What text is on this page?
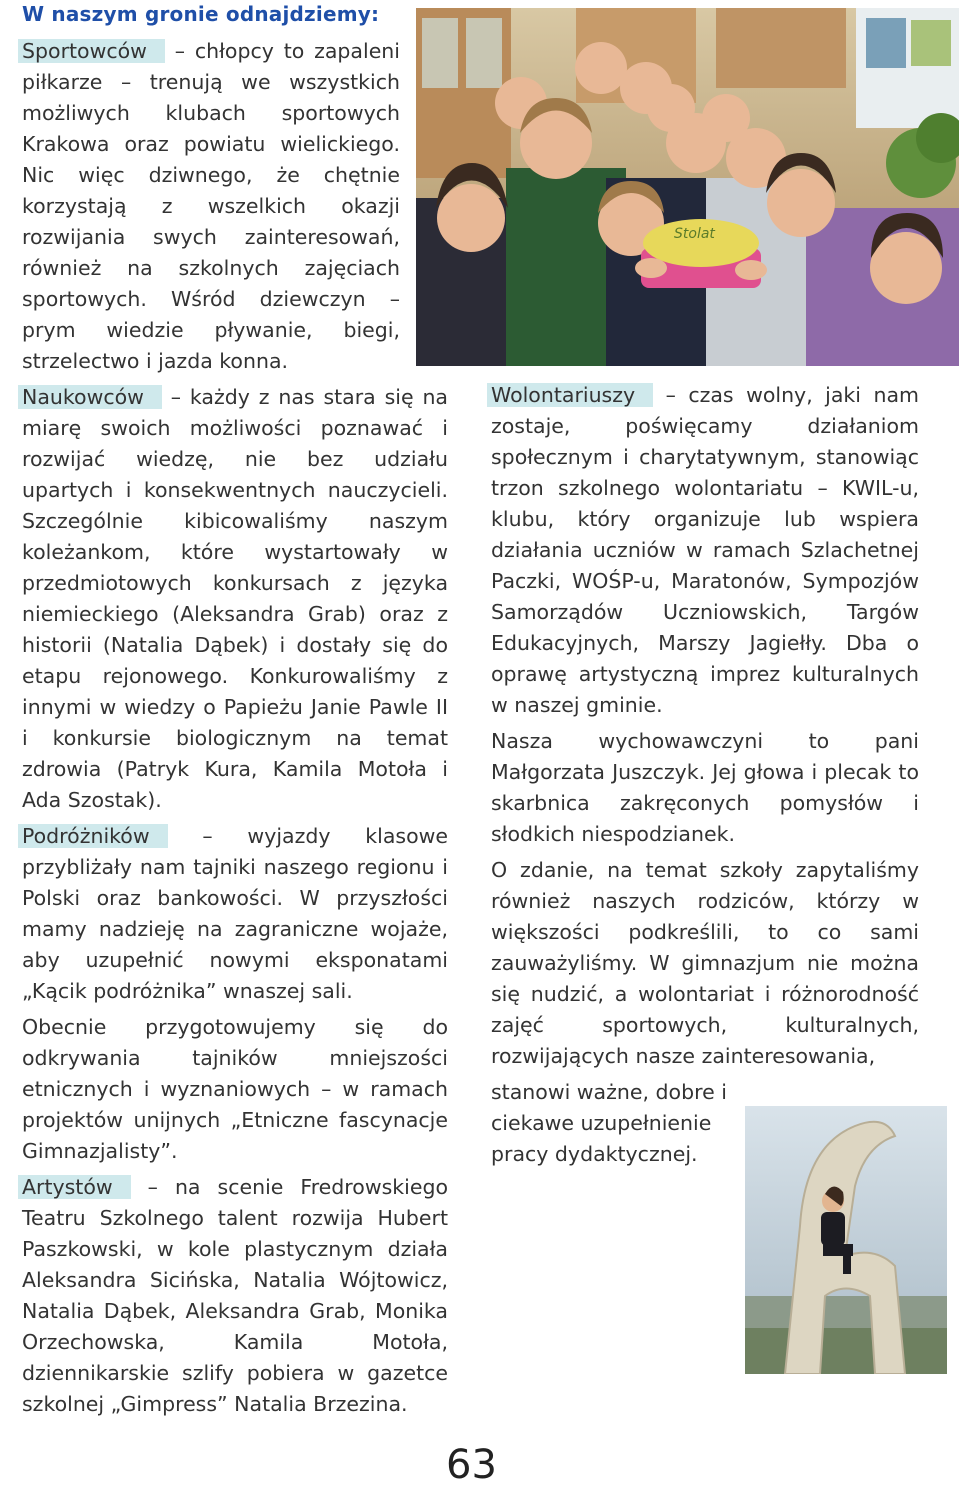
W naszym gronie odnajdziemy:
Stolat

Sportowców – chłopcy to zapaleni piłkarze – trenują we wszystkich możliwych klubach sportowych Krakowa oraz powiatu wielickiego. Nic więc dziwnego, że chętnie korzystają z wszelkich okazji rozwijania swych zainteresowań, również na szkolnych zajęciach sportowych. Wśród dziewczyn – prym wiedzie pływanie, biegi, strzelectwo i jazda konna.

Naukowców – każdy z nas stara się na miarę swoich możliwości poznawać i rozwijać wiedzę, nie bez udziału upartych i konsekwentnych nauczycieli. Szczególnie kibicowaliśmy naszym koleżankom, które wystartowały w przedmiotowych konkursach z języka niemieckiego (Aleksandra Grab) oraz z historii (Natalia Dąbek) i dostały się do etapu rejonowego. Konkurowaliśmy z innymi w wiedzy o Papieżu Janie Pawle II i konkursie biologicznym na temat zdrowia (Patryk Kura, Kamila Motoła i Ada Szostak).

Podróżników – wyjazdy klasowe przybliżały nam tajniki naszego regionu i Polski oraz bankowości. W przyszłości mamy nadzieję na zagraniczne wojaże, aby uzupełnić nowymi eksponatami „Kącik podróżnika” wnaszej sali.

Obecnie przygotowujemy się do odkrywania tajników mniejszości etnicznych i wyznaniowych – w ramach projektów unijnych „Etniczne fascynacje Gimnazjalisty”.

Artystów – na scenie Fredrowskiego Teatru Szkolnego talent rozwija Hubert Paszkowski, w kole plastycznym działa Aleksandra Sicińska, Natalia Wójtowicz, Natalia Dąbek, Aleksandra Grab, Monika Orzechowska, Kamila Motoła, dziennikarskie szlify pobiera w gazetce szkolnej „Gimpress” Natalia Brzezina.

Wolontariuszy – czas wolny, jaki nam zostaje, poświęcamy działaniom społecznym i charytatywnym, stanowiąc trzon szkolnego wolontariatu – KWIL-u, klubu, który organizuje lub wspiera działania uczniów w ramach Szlachetnej Paczki, WOŚP-u, Maratonów, Sympozjów Samorządów Uczniowskich, Targów Edukacyjnych, Marszy Jagiełły. Dba o oprawę artystyczną imprez kulturalnych w naszej gminie.

Nasza wychowawczyni to pani Małgorzata Juszczyk. Jej głowa i plecak to skarbnica zakręconych pomysłów i słodkich niespodzianek.

O zdanie, na temat szkoły zapytaliśmy również naszych rodziców, którzy w większości podkreślili, to co sami zauważyliśmy. W gimnazjum nie można się nudzić, a wolontariat i różnorodność zajęć sportowych, kulturalnych, rozwijających nasze zainteresowania,

stanowi ważne, dobre i ciekawe uzupełnienie pracy dydaktycznej.

63
